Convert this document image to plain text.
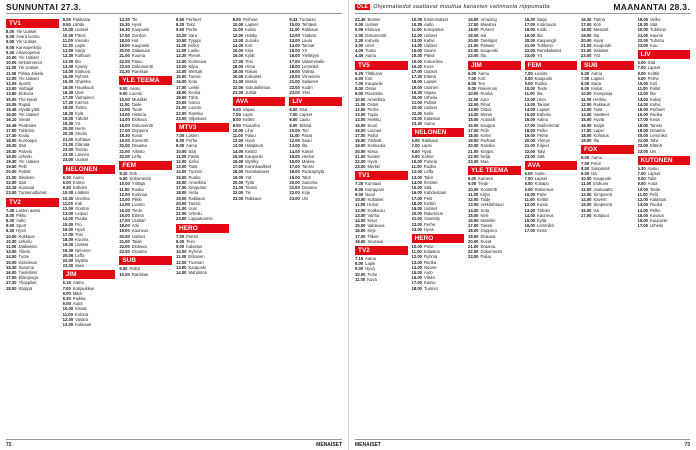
SUNNUNTAI 27.3.
TV1
8.00 Yle Uutiset
8.05 Avara luonto
9.00 Yle Uutiset
9.05 Kansojenkirjo
9.40 Aikuisopetus
10.00 Yle Uutiset
10.05 Kirkonmenot
11.00 Yle Uutiset
11.05 Pirkka Jokela
12.00 Yle Uutiset
12.05 Sportti
13.00 Voittajat
13.50 Elokuva
15.00 The News
15.05 Rapuli
15.45 Hyvää yötä
16.00 Yle Uutiset
16.10 Vieras
16.45 Perämies
17.00 Tuhkimo
17.30 Koulu
18.00 Eurooppa
18.30 Sää
18.40 Palvelu
19.00 Urheilu
19.30 Yle Uutiset
19.50 Pelit
20.00 Poliisit
21.00 Sikainen
22.00 Sää
22.15 Kunnaat
23.00 Tuntemattomat
TV2
7.45 Lasten aamu
8.00 Pikku
8.30 Aalto
9.00 Sport
9.30 Hyvä
10.00 Kokkaus
10.30 Urheilu
11.00 Jääkiekko
13.00 Ykkös
14.00 Tuote
15.00 Kasvimaa
15.30 Sanoma
16.00 Tiedetiiimi
17.00 Eläinjooga
17.30 Ylioppilas
18.00 Kärppä
9.25 Pakkasta
9.50 Lähde
10.00 Uutiset
10.30 Päivä
11.00 Vierailu
11.30 Lapsi
12.00 Sarja
12.30 Kulttuuri
13.00 Ilta
13.30 Kysely
14.00 Elokuva
15.00 Ryhmä
15.30 Ohjelma
16.00 Hauskuus
16.30 Uusi
17.00 Varhainen
17.30 Kierros
18.00 Tarina
18.30 Kylä
19.00 Tähdet
19.30 Yö
20.00 Herra
20.30 Studio
21.00 Kohtaus
21.30 Elämää
22.00 Tarzan
22.30 Lännen
23.00 Uutiset
NELONEN
8.30 Aamu
9.00 Kolme
9.30 Kahden
10.00 Lääkäri
10.30 Unelma
11.00 Koti
12.00 Gordon
13.00 Leipuri
14.00 Ruoka
15.00 Pro
16.00 Hyvä
17.00 Tosi
18.00 Kuuma
19.00 Uutiset
19.30 Nelonen
20.00 Leffa
22.00 Myöhä
23.00 Mies
JIM
6.15 Aamu
7.00 Kotijoukkue
8.00 Mikä
8.30 Paikka
9.00 Autot
10.00 Kissat
11.00 Kotona
12.00 Vasara
13.00 Kokkaus
14.30 Tie
15.30 Hyvä
16.30 Kaupunki
17.00 Gordon
18.00 Hot
19.00 Kaupunki
20.00 Salaisuus
21.00 Kuuma
22.00 Paluu
23.00 Dokumentti
23.30 Ranskan
YLE TEEMA
8.00 Aamu
9.00 Luonto
10.00 Musiikki
11.00 Taide
12.00 Tiede
13.00 Historia
14.00 Elokuva
16.00 Dokumentti
17.00 Ooppera
18.30 Kuvat
19.00 Konsertti
20.00 Draama
21.00 Arkisto
22.00 Leffa
FEM
8.10 Dok
9.00 Dokumentti
10.00 Yrittäjä
11.00 Ruoka
12.00 Kotimaa
13.00 Pilkki
14.00 Luonto
15.00 Tiede
16.00 Elämä
17.00 Lääkäri
18.00 Arki
19.00 Kauneus
20.00 Uutiset
21.00 Taide
22.00 Elokuva
23.00 Draama
SUB
9.00 Pallot
10.00 Ranskan
8.50 Perheet
9.20 Talot
9.50 Perhe
10.20 Vara
10.50 Tyyppi
11.20 Kellot
11.50 Lasku
12.20 Pienet
12.50 Kotirouva
13.20 Kilpa
14.00 Mestari
15.00 Tanssi
16.00 Kota
17.00 Leikki
18.00 Kenka
19.00 Tähti
20.00 Harva
21.00 Luonto
22.00 Ranska
23.00 Hiljaisuus
MTV3
7.00 Lasten
8.00 Perhe
9.00 Aamu
10.00 Sää
11.00 Pasta
12.00 Kahvi
13.00 Talot
14.00 Tuomio
15.00 Ruoka
16.00 Amerikka
17.00 Kirpputori
18.00 Hinta
19.00 Rakkaus
20.00 Tanssi
21.00 Uusi
22.00 Urheilu
23.00 Lopputuomio
HERO
7.00 Pienet
8.00 Teini
9.00 Kalastus
10.00 Ryhmä
11.00 Erilainen
12.00 Tuomari
13.00 Kaupunki
14.00 Mahdoton
9.00 Perheet
10.00 Lapset
11.00 Kunta
12.00 Hobby
13.00 Jumala
14.00 Koti
15.00 Kisa
16.00 Kylät
17.00 Tosi
18.00 Hinta
19.00 Rakas
20.00 Kultaiset
21.00 Missio
22.00 Sukututkimus
23.00 Juhlat
AVA
6.00 Vapaa
7.00 Lapsi
8.00 Keittiö
9.00 Puutarha
10.00 Liha
11.00 Paluu
12.00 Hyvä
13.00 Hääpäivä
14.00 Keittiö
15.00 Kaupunki
16.00 Myrsky
17.00 Kuninkaalliset
18.00 Ranskalaiset
19.00 Yöt
20.00 Tyttö
21.00 Tanssi
22.00 Tie
23.00 Rakkaus
9.43 Tuotanto
10.00 Tehtävä
11.00 Rakkaus
12.00 Ystävät
13.00 Laulu
14.00 Tarinat
15.00 Yö
16.00 Ylellisyys
17.00 Vasemmalle
18.00 Lemmikit
19.00 Valinta
20.00 Viimeinen
21.00 Salainen
22.00 Kodin
23.00 Yksi
LIV
6.00 Sää
7.00 Lapset
8.00 Laulu
9.00 Elämä
10.00 Tori
11.00 Päivä
12.00 Saari
13.00 Ilta
14.00 Kasvit
15.00 Herkut
16.00 Makea
17.00 Tanssi
18.00 Ruokapöytä
19.00 Talot
20.00 Sanoma
21.00 Draama
22.00 Kirje
23.00 Uni
72	MENAISET
OLE Ohjelmatiedot saattavat muuttua kanavien valinnasta riippumatta	MAANANTAI 28.3.
22.45 Bonnie
0.00 Uutiset
0.05 Elokuva
2.00 Dokumentti
2.30 Kahvila
3.00 Unet
4.00 Tuota
4.45 Aamu
TV5
5.25 Ylläkuvia
6.00 Koti
7.00 Kaupunki
8.00 Ostos
9.00 Ravintola
10.00 Amerikka
11.00 Ostos
12.00 Perhe
13.00 Tupla
14.00 Herkku
15.00 Suuri
16.00 Lounas
17.00 Pallot
18.00 Ystävät
19.00 Kotiruoka
20.00 Kissa
21.00 Karate
22.00 Hyvä
23.00 Merkki
TV1
7.30 Kunnaat
8.00 Kumppani
9.00 Nuori
10.00 Kultaiset
11.00 Huhut
12.00 Kotikoulu
13.00 Vanha
14.00 Kisat
15.00 Valokuva
16.00 Kirje
17.00 Tiikeri
18.00 Seuraus
TV2
7.15 Aamu
8.00 Lapsi
9.00 Hyvä
10.00 Puhe
11.00 Kuva
10.05 Ensimmäiset
10.35 Aalto
11.00 Kotiopetus
12.00 Uutiset
13.00 Kahvi
14.30 Uutiset
15.00 Suomi
15.30 Päivä
16.00 Kokoelma
16.30 Kuva
17.00 Uutiset
17.30 Elämä
18.00 Lapset
19.00 Uutinen
19.30 Vapaa
20.00 Urheilu
21.00 Poliisit
22.00 Uutiset
22.30 Kello
23.00 Kalastus
23.30 Aamu
NELONEN
6.00 Rakkaus
7.00 Lapsi
8.00 Hyvä
9.00 Kolme
10.00 Puhelu
11.00 Ruoka
12.00 Leffa
13.00 Talot
14.00 Ihmiset
15.00 Sää
16.00 Kahdestaan
17.00 Pelit
18.00 Keittiö
19.00 Uutiset
20.00 Rakennus
21.00 Sinetöity
22.00 Perhe
23.00 Hyvä
HERO
10.00 Pelot
11.00 Kalastus
12.00 Ryhmä
13.00 Ruoka
14.00 Nuoret
15.00 Auto
16.00 Viikko
17.00 Kasvu
18.00 Tuomio
16.00 Amazing
17.00 Maailma
18.00 Puheet
19.00 Isä
20.00 Tanssijat
21.00 Palaute
22.00 Kaupunki
23.00 Ilta
JIM
6.00 Aamu
7.00 Koti
8.00 Tee
9.00 Rakennus
10.00 Ruoka
11.00 Auto
12.00 Pihat
13.00 Ostos
14.00 Metsä
15.00 Autotalli
16.00 Kauppa
17.00 Pelit
18.00 Kahvi
19.00 Parhaat
20.00 Ranska
21.00 Kirppis
22.00 Neljä
23.00 Maa
YLE TEEMA
8.00 Kamera
9.00 Tiede
10.00 Konsertti
11.00 Kirjat
12.00 Taide
13.00 Arkkitehtuuri
14.00 Sota
15.00 Kieli
16.00 Musiikki
17.00 Tanssi
18.00 Ooppera
19.00 Elokuva
20.00 Kuvat
21.00 Draama
22.00 Dokumentti
23.00 Paluu
16.30 Sarja
17.00 Kotirouvat
18.00 Kodit
19.00 Ilta
20.00 Kaupungit
21.00 Tuhkimo
22.00 Ranskalaiset
23.00 Yö
FEM
7.00 Luonto
8.00 Kaupunki
9.00 Ruoka
10.00 Tiede
11.00 Ilta
12.00 Unet
13.00 Tarinat
14.00 Lapset
15.00 Kahvila
16.00 Aamu
17.00 Vanhemmat
18.00 Pelko
19.00 Perhe
20.00 Yhteys
21.00 Kirjeet
22.00 Talvi
23.00 Sää
AVA
6.00 Aamu
7.00 Lapset
8.00 Kotiapu
9.00 Rakennus
10.00 Puhe
11.00 Keittiö
12.00 Kuvat
13.00 Tähdet
14.00 Kauneus
15.00 Kylät
16.00 Lemmikit
17.00 Kesä
16.30 Tarina
17.00 Koti
18.00 Mestarit
19.00 Ilta
20.00 Hyvä
21.00 Kaupunki
22.00 Salaiset
23.00 Yöt
SUB
6.00 Aamu
7.00 Lapset
8.00 Sarja
9.00 Kissat
10.00 Kampanja
11.00 Herkku
12.00 Rakkaus
13.00 Talot
14.00 Vaatteet
15.00 Hyvät
16.00 Sarjat
17.00 Lapsi
18.00 Kohtaus
19.00 Ilta
FOX
6.00 Aamu
7.00 Pelot
8.00 Simpsonit
9.00 Isä
10.00 Kaupunki
11.00 Elokuva
12.00 Jouluaatto
13.00 Simpsonit
14.00 Kaverit
15.00 Simpsonit
16.00 Isä
17.00 Kotipuut
19.00 Velho
19.30 Sää
20.00 Tuhkimo
21.00 Kaunis
22.00 Tuhottu
23.00 Kuu
LIV
6.00 Sää
7.00 Lapset
8.00 Keittiö
9.00 Perhe
10.00 Koti
11.00 Pallot
12.00 Ilta
13.00 Kukat
14.00 Kahvi
15.00 Perheet
16.00 Ruoka
17.00 Kesä
18.00 Tanssi
19.00 Draama
20.00 Lemmikit
21.00 Talvi
22.00 Elämä
23.00 Uni
KUTONEN
6.30 Aamu
7.00 Lapset
8.00 Talot
9.00 Autot
10.00 Tiede
11.00 Pelit
12.00 Kalastus
13.00 Ruoka
14.00 Pelko
15.00 Kuvaus
16.00 Kaupunki
17.00 Urheilu
MENAISET	73
